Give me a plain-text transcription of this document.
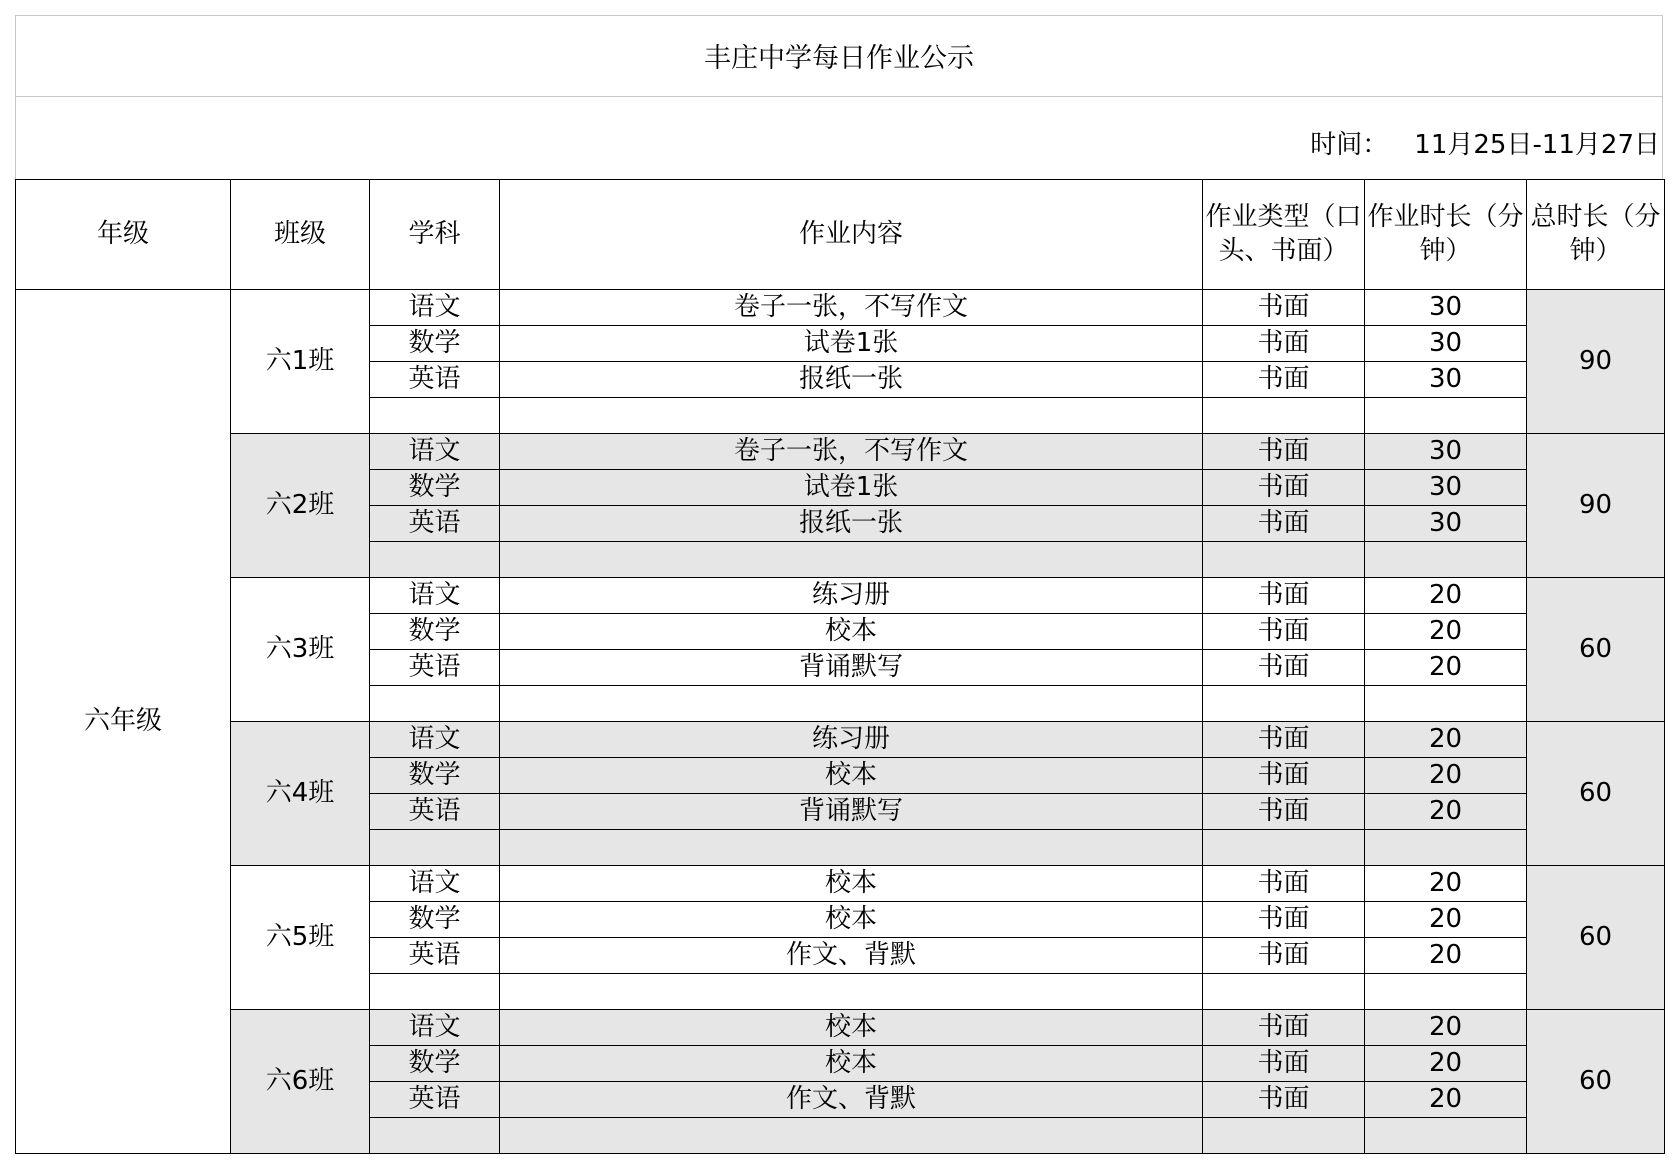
丰庄中学每日作业公示
时间： 11月25日-11月27日
年级	班级	学科	作业内容	作业类型（口头、书面）	作业时长（分钟）	总时长（分钟）
六年级	六1班	语文	卷子一张，不写作文	书面	30	90
		数学	试卷1张	书面	30	
		英语	报纸一张	书面	30	

	六2班	语文	卷子一张，不写作文	书面	30	90
		数学	试卷1张	书面	30	
		英语	报纸一张	书面	30	

	六3班	语文	练习册	书面	20	60
		数学	校本	书面	20	
		英语	背诵默写	书面	20	

	六4班	语文	练习册	书面	20	60
		数学	校本	书面	20	
		英语	背诵默写	书面	20	

	六5班	语文	校本	书面	20	60
		数学	校本	书面	20	
		英语	作文、背默	书面	20	

	六6班	语文	校本	书面	20	60
		数学	校本	书面	20	
		英语	作文、背默	书面	20	
